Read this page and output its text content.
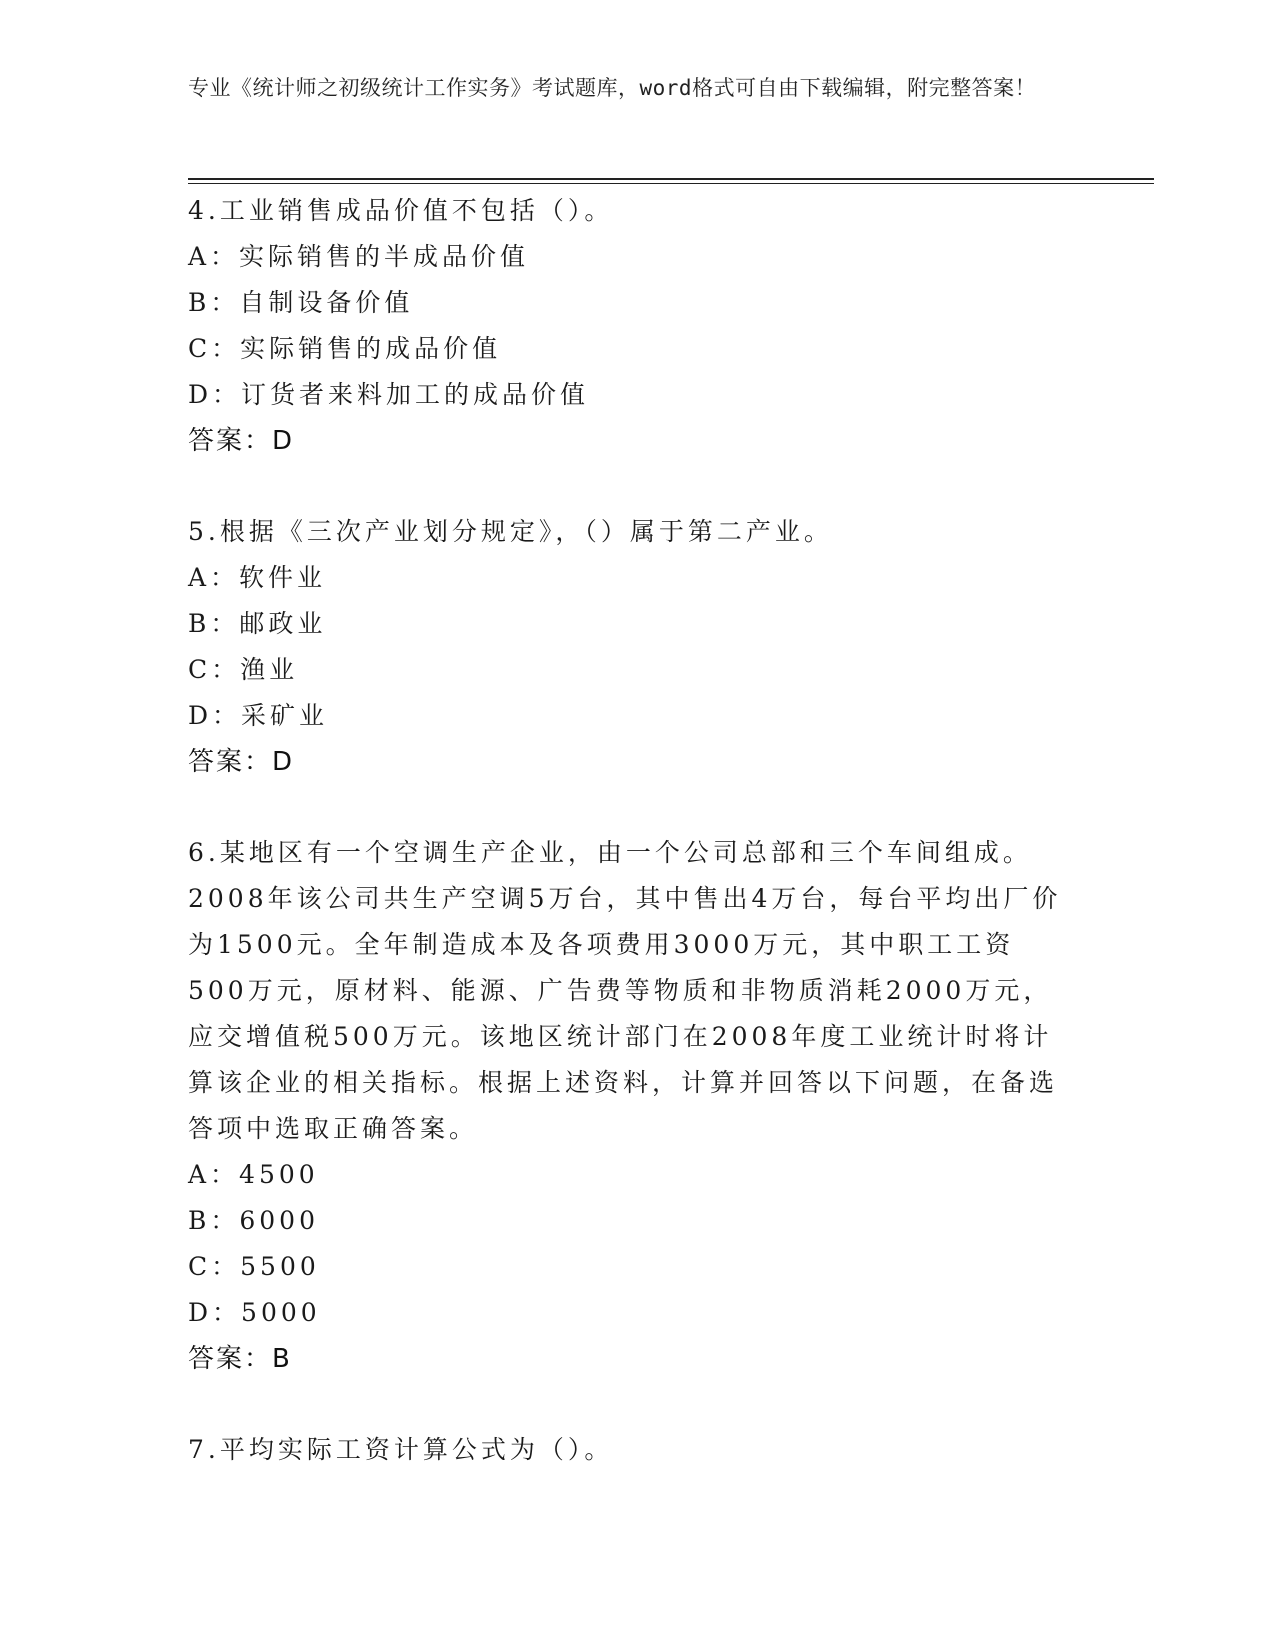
专业《统计师之初级统计工作实务》考试题库，word格式可自由下载编辑，附完整答案！
4.工业销售成品价值不包括（）。
A：实际销售的半成品价值
B：自制设备价值
C：实际销售的成品价值
D：订货者来料加工的成品价值
答案：D
5.根据《三次产业划分规定》，（）属于第二产业。
A：软件业
B：邮政业
C：渔业
D：采矿业
答案：D
6.某地区有一个空调生产企业，由一个公司总部和三个车间组成。2008年该公司共生产空调5万台，其中售出4万台，每台平均出厂价为1500元。全年制造成本及各项费用3000万元，其中职工工资500万元，原材料、能源、广告费等物质和非物质消耗2000万元，应交增值税500万元。该地区统计部门在2008年度工业统计时将计算该企业的相关指标。根据上述资料，计算并回答以下问题，在备选答项中选取正确答案。
A：4500
B：6000
C：5500
D：5000
答案：B
7.平均实际工资计算公式为（）。
